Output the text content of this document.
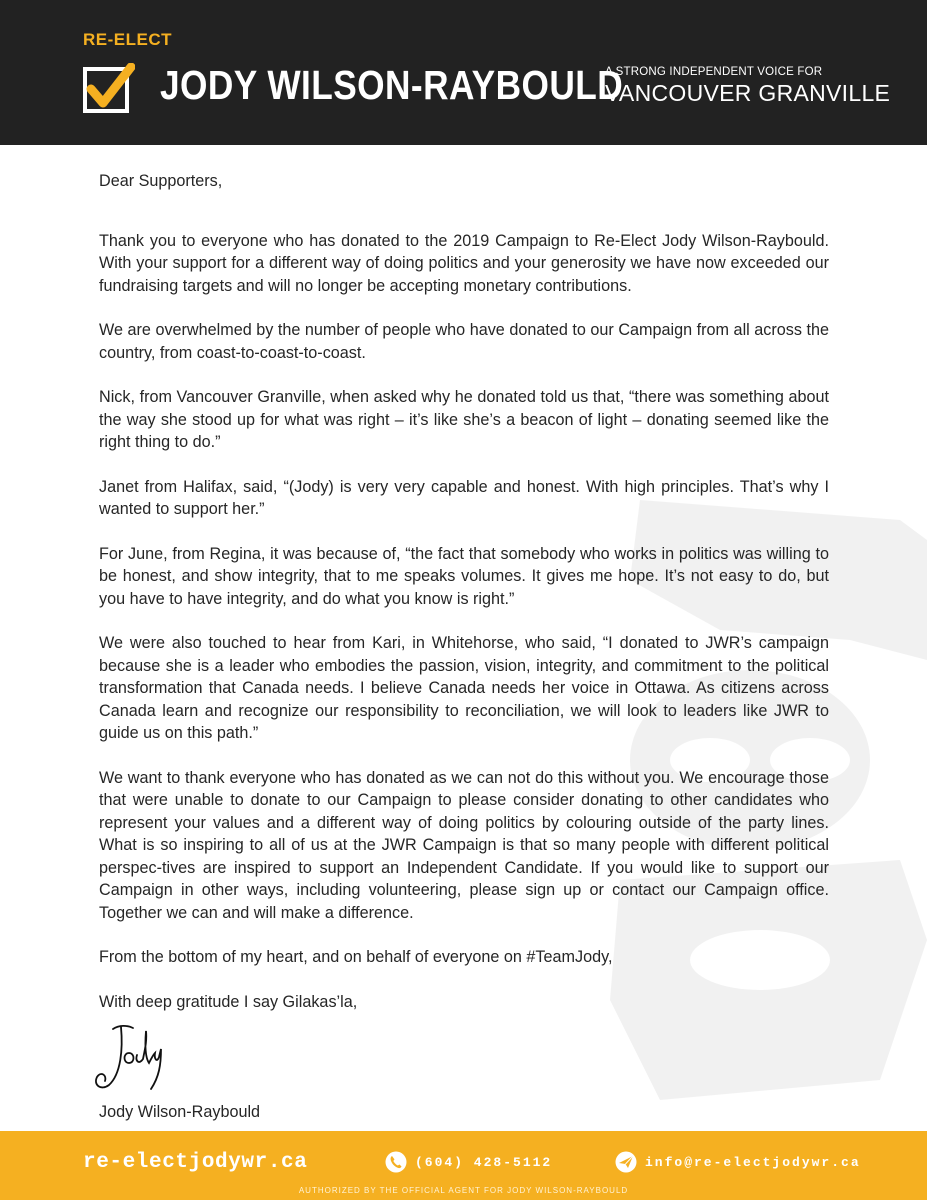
RE-ELECT
JODY WILSON-RAYBOULD
A STRONG INDEPENDENT VOICE FOR
VANCOUVER GRANVILLE

Dear Supporters,

Thank you to everyone who has donated to the 2019 Campaign to Re-Elect Jody Wilson-Raybould. With your support for a different way of doing politics and your generosity we have now exceeded our fundraising targets and will no longer be accepting monetary contributions.

We are overwhelmed by the number of people who have donated to our Campaign from all across the country, from coast-to-coast-to-coast.

Nick, from Vancouver Granville, when asked why he donated told us that, “there was something about the way she stood up for what was right – it’s like she’s a beacon of light – donating seemed like the right thing to do.”

Janet from Halifax, said, “(Jody) is very very capable and honest. With high principles. That’s why I wanted to support her.”

For June, from Regina, it was because of, “the fact that somebody who works in politics was willing to be honest, and show integrity, that to me speaks volumes. It gives me hope. It’s not easy to do, but you have to have integrity, and do what you know is right.”

We were also touched to hear from Kari, in Whitehorse, who said, “I donated to JWR’s campaign because she is a leader who embodies the passion, vision, integrity, and commitment to the political transformation that Canada needs. I believe Canada needs her voice in Ottawa. As citizens across Canada learn and recognize our responsibility to reconciliation, we will look to leaders like JWR to guide us on this path.”

We want to thank everyone who has donated as we can not do this without you. We encourage those that were unable to donate to our Campaign to please consider donating to other candidates who represent your values and a different way of doing politics by colouring outside of the party lines. What is so inspiring to all of us at the JWR Campaign is that so many people with different political perspec-tives are inspired to support an Independent Candidate. If you would like to support our Campaign in other ways, including volunteering, please sign up or contact our Campaign office. Together we can and will make a difference.

From the bottom of my heart, and on behalf of everyone on #TeamJody,

With deep gratitude I say Gilakas’la,

Jody Wilson-Raybould

re-electjodywr.ca	(604) 428-5112	info@re-electjodywr.ca
AUTHORIZED BY THE OFFICIAL AGENT FOR JODY WILSON-RAYBOULD
